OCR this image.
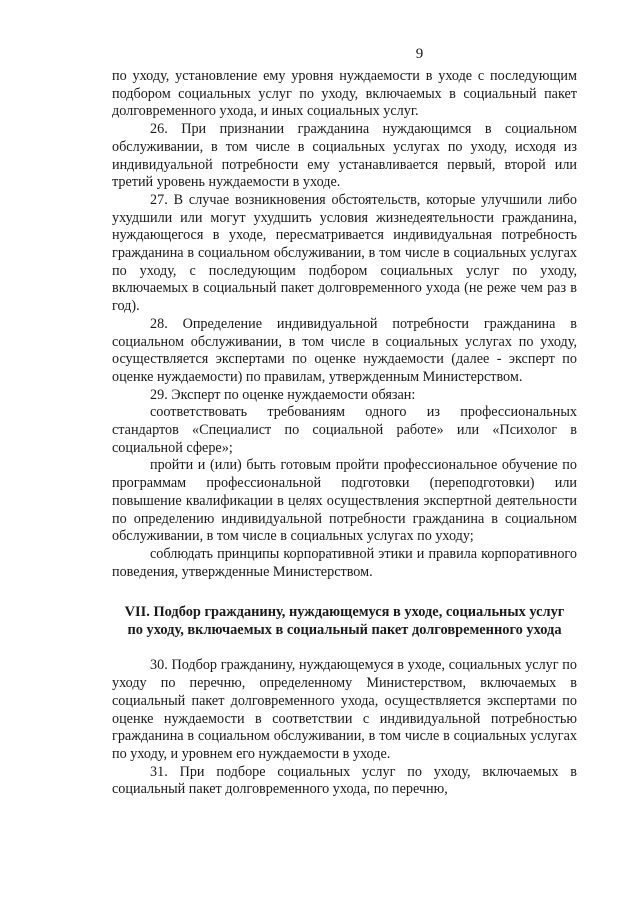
9

по уходу, установление ему уровня нуждаемости в уходе с последующим подбором социальных услуг по уходу, включаемых в социальный пакет долговременного ухода, и иных социальных услуг.

26. При признании гражданина нуждающимся в социальном обслуживании, в том числе в социальных услугах по уходу, исходя из индивидуальной потребности ему устанавливается первый, второй или третий уровень нуждаемости в уходе.

27. В случае возникновения обстоятельств, которые улучшили либо ухудшили или могут ухудшить условия жизнедеятельности гражданина, нуждающегося в уходе, пересматривается индивидуальная потребность гражданина в социальном обслуживании, в том числе в социальных услугах по уходу, с последующим подбором социальных услуг по уходу, включаемых в социальный пакет долговременного ухода (не реже чем раз в год).

28. Определение индивидуальной потребности гражданина в социальном обслуживании, в том числе в социальных услугах по уходу, осуществляется экспертами по оценке нуждаемости (далее - эксперт по оценке нуждаемости) по правилам, утвержденным Министерством.

29. Эксперт по оценке нуждаемости обязан:

соответствовать требованиям одного из профессиональных стандартов «Специалист по социальной работе» или «Психолог в социальной сфере»;

пройти и (или) быть готовым пройти профессиональное обучение по программам профессиональной подготовки (переподготовки) или повышение квалификации в целях осуществления экспертной деятельности по определению индивидуальной потребности гражданина в социальном обслуживании, в том числе в социальных услугах по уходу;

соблюдать принципы корпоративной этики и правила корпоративного поведения, утвержденные Министерством.

VII. Подбор гражданину, нуждающемуся в уходе, социальных услуг
по уходу, включаемых в социальный пакет долговременного ухода

30. Подбор гражданину, нуждающемуся в уходе, социальных услуг по уходу по перечню, определенному Министерством, включаемых в социальный пакет долговременного ухода, осуществляется экспертами по оценке нуждаемости в соответствии с индивидуальной потребностью гражданина в социальном обслуживании, в том числе в социальных услугах по уходу, и уровнем его нуждаемости в уходе.

31. При подборе социальных услуг по уходу, включаемых в социальный пакет долговременного ухода, по перечню,
